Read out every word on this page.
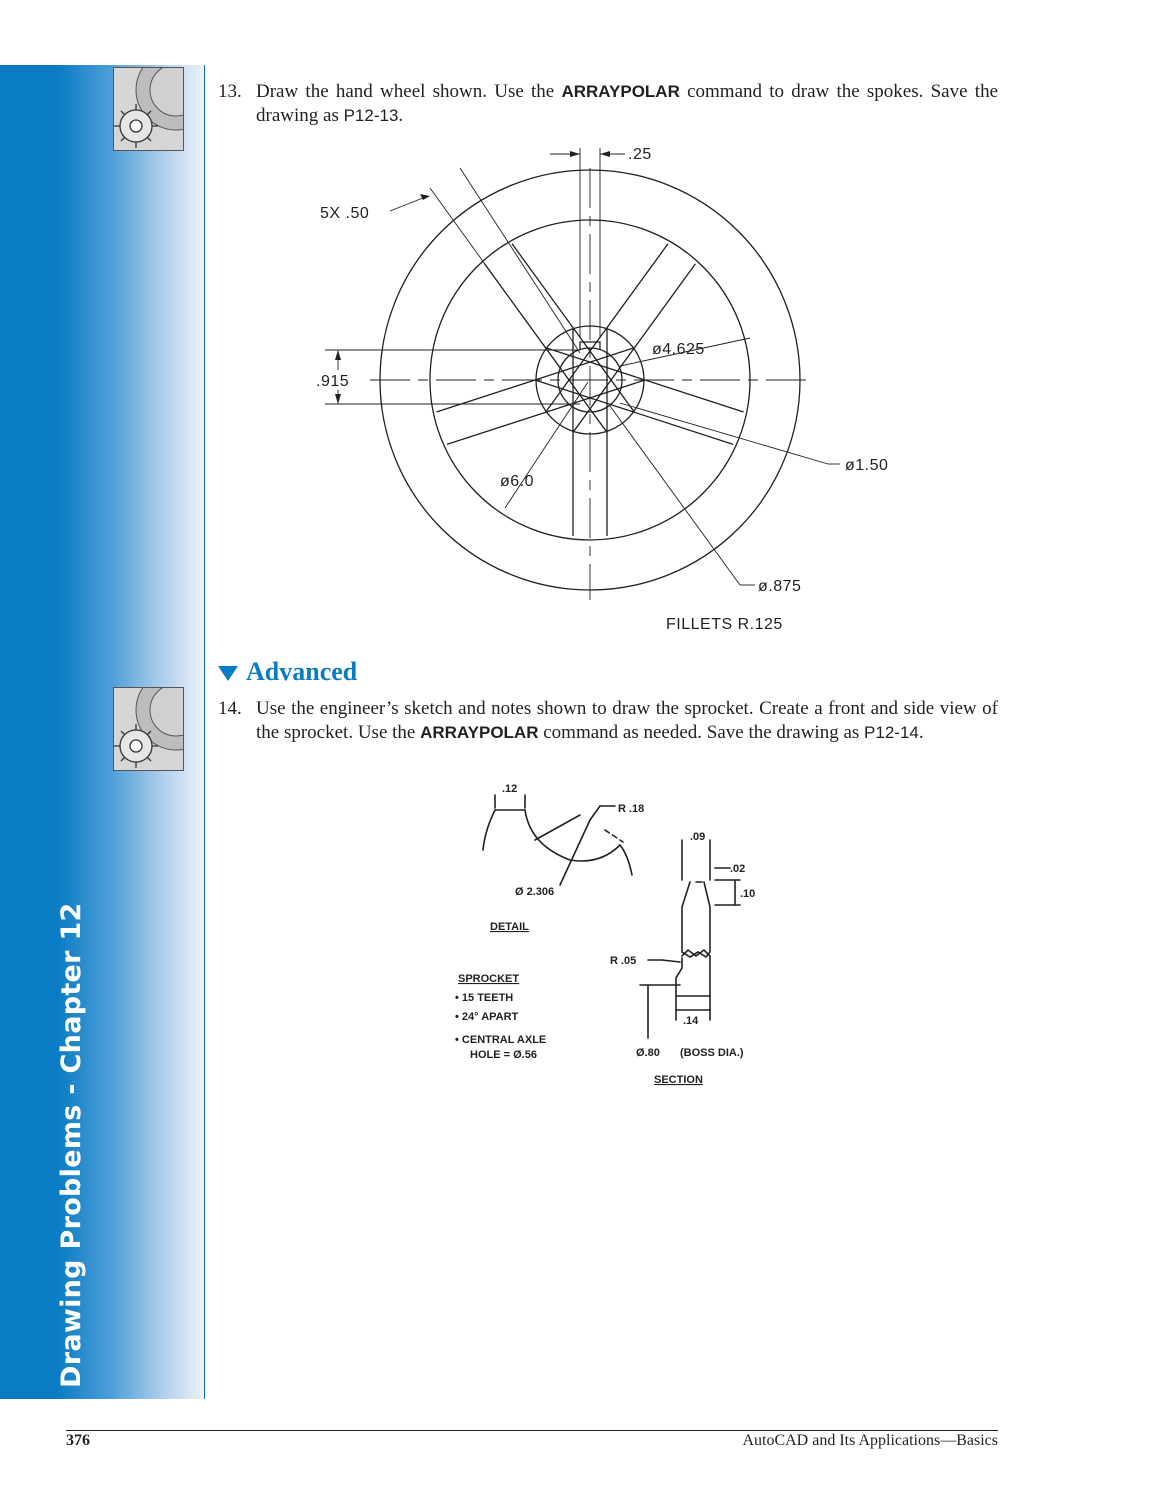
Drawing Problems - Chapter 12
13. Draw the hand wheel shown. Use the ARRAYPOLAR command to draw the spokes. Save the drawing as P12-13.
.25
5X .50
.915
ø4.625
ø6.0
ø1.50
ø.875
FILLETS R.125
Advanced
14. Use the engineer’s sketch and notes shown to draw the sprocket. Create a front and side view of the sprocket. Use the ARRAYPOLAR command as needed. Save the drawing as P12-14.
.12
R .18
Ø 2.306
DETAIL
.09
.02
.10
R .05
.14
Ø.80 (BOSS DIA.)
SECTION
SPROCKET
• 15 TEETH
• 24° APART
• CENTRAL AXLE
HOLE = Ø.56
376	AutoCAD and Its Applications—Basics
